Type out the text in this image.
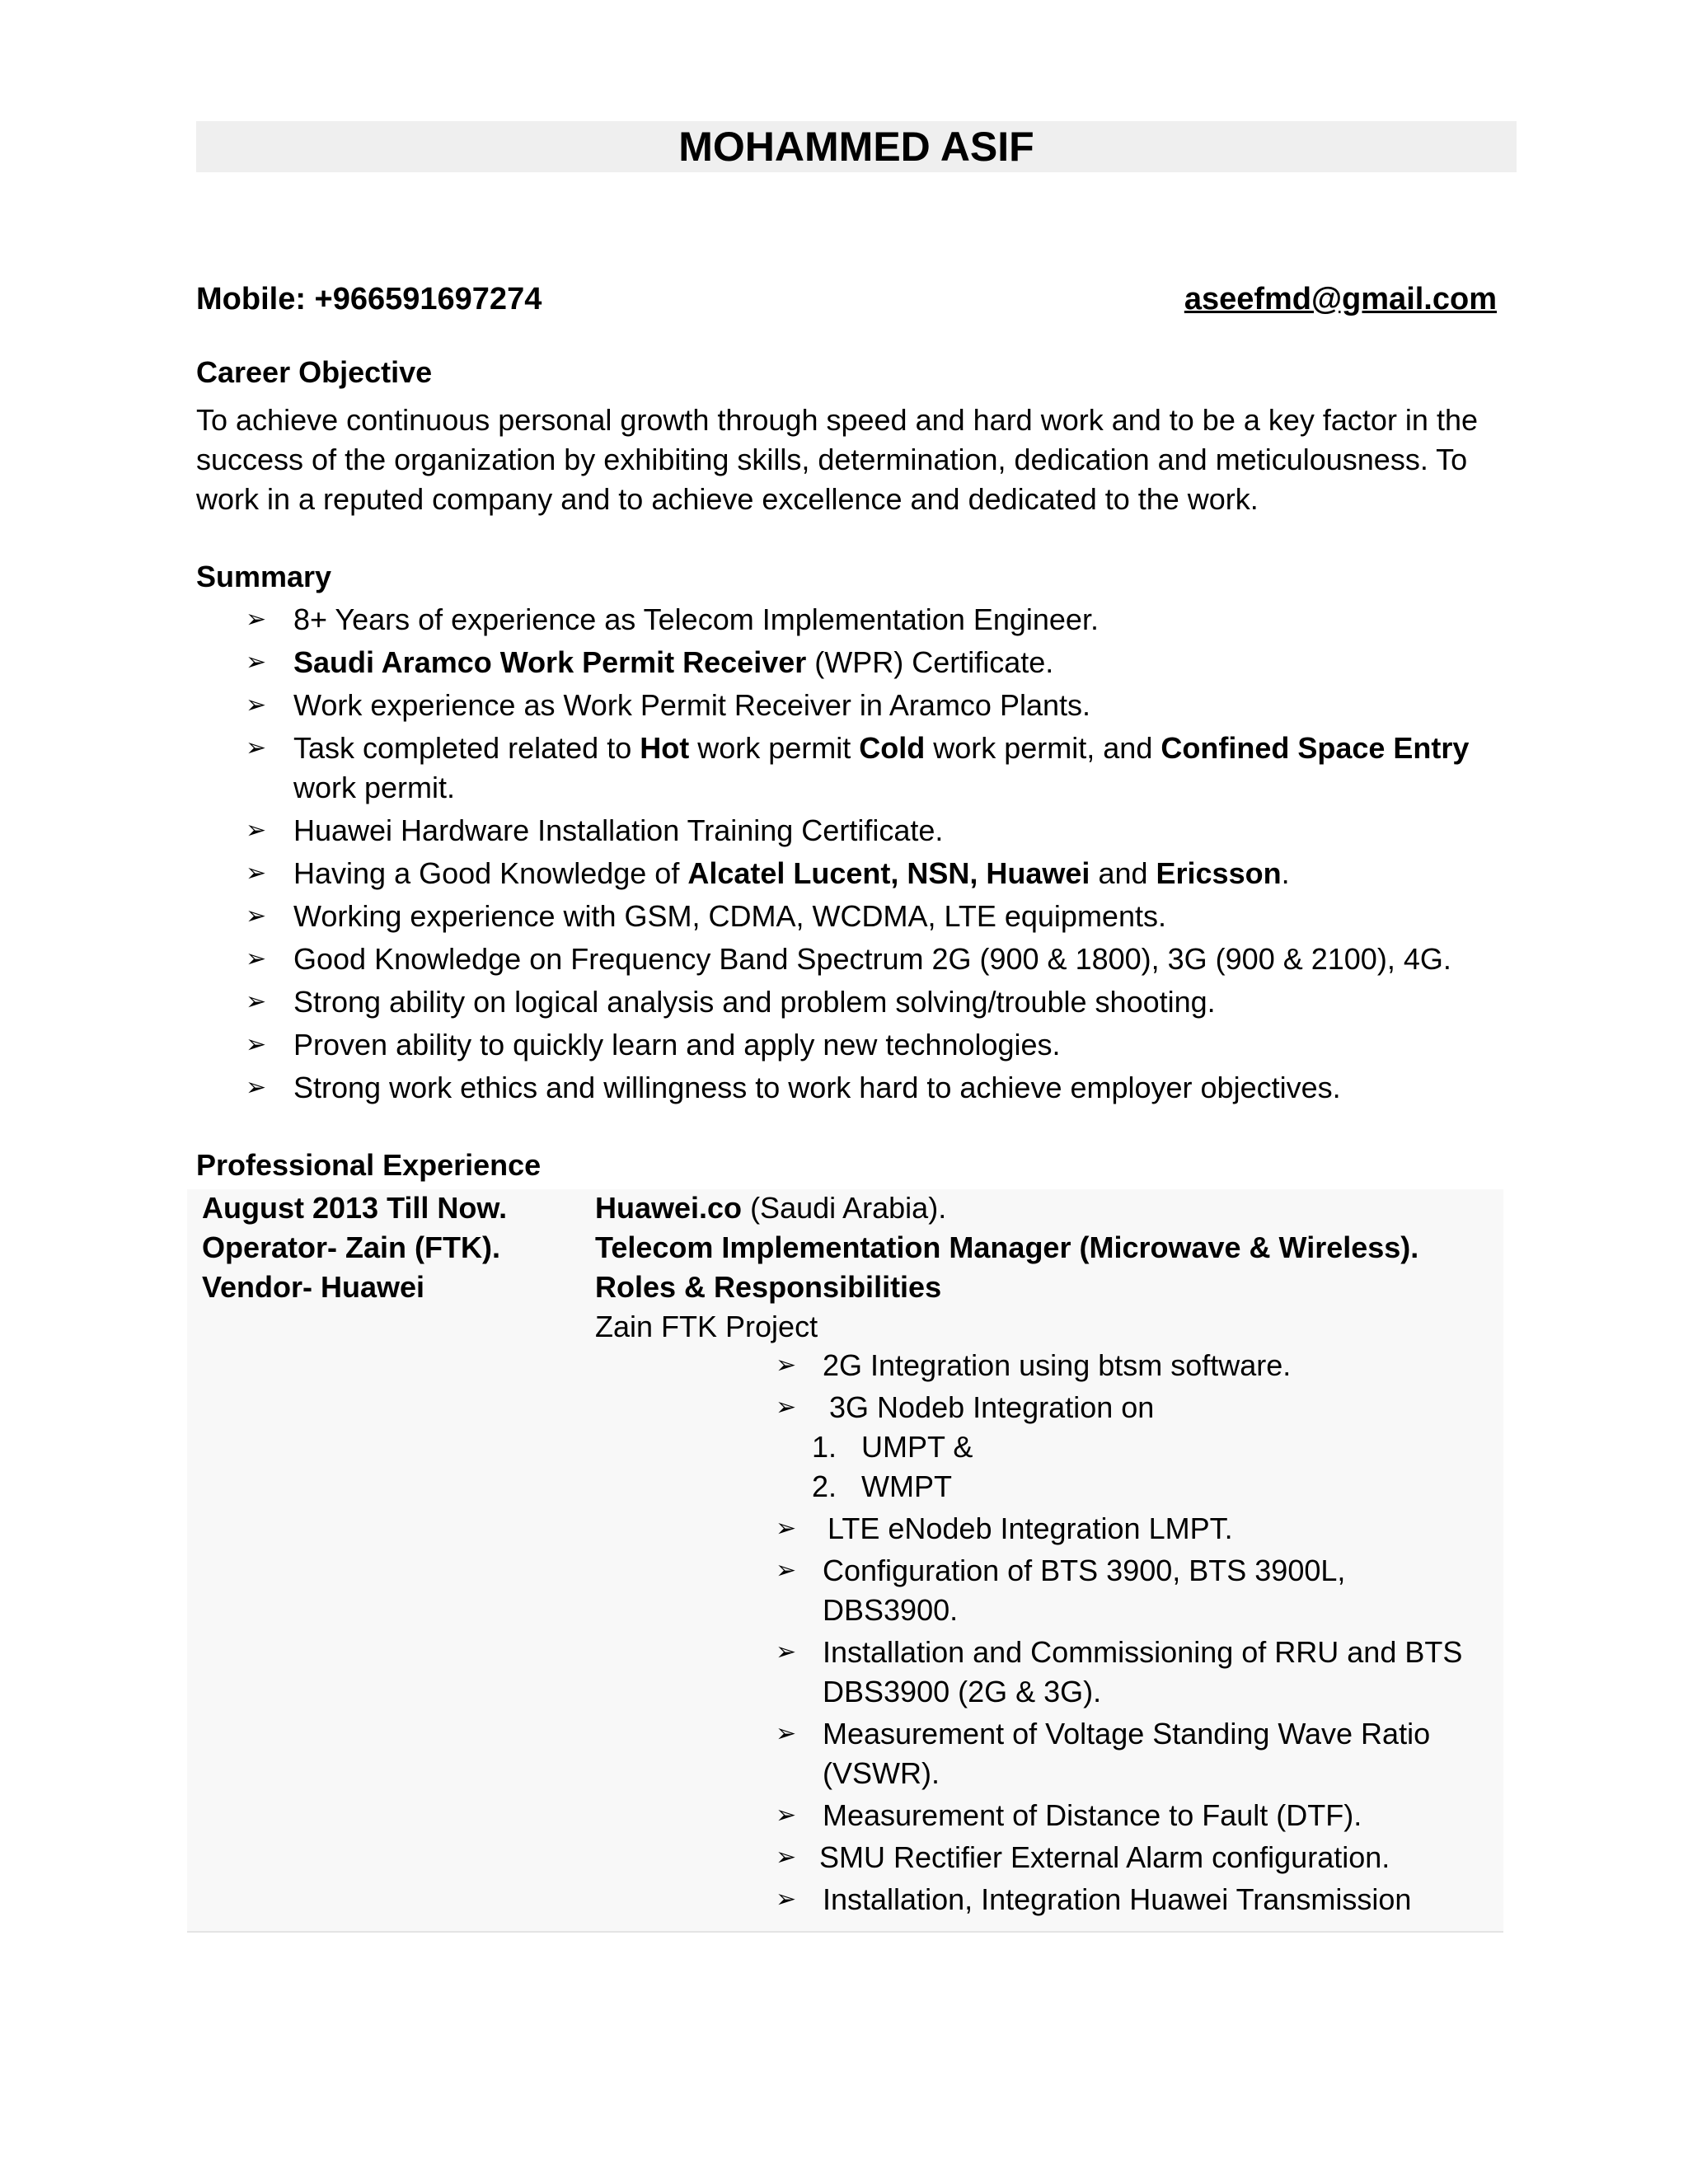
MOHAMMED ASIF
Mobile: +966591697274	aseefmd@gmail.com
Career Objective
To achieve continuous personal growth through speed and hard work and to be a key factor in the success of the organization by exhibiting skills, determination, dedication and meticulousness. To work in a reputed company and to achieve excellence and dedicated to the work.
Summary
➢ 8+ Years of experience as Telecom Implementation Engineer.
➢ Saudi Aramco Work Permit Receiver (WPR) Certificate.
➢ Work experience as Work Permit Receiver in Aramco Plants.
➢ Task completed related to Hot work permit Cold work permit, and Confined Space Entry work permit.
➢ Huawei Hardware Installation Training Certificate.
➢ Having a Good Knowledge of Alcatel Lucent, NSN, Huawei and Ericsson.
➢ Working experience with GSM, CDMA, WCDMA, LTE equipments.
➢ Good Knowledge on Frequency Band Spectrum 2G (900 & 1800), 3G (900 & 2100), 4G.
➢ Strong ability on logical analysis and problem solving/trouble shooting.
➢ Proven ability to quickly learn and apply new technologies.
➢ Strong work ethics and willingness to work hard to achieve employer objectives.
Professional Experience
August 2013 Till Now.
Operator- Zain (FTK).
Vendor- Huawei
Huawei.co (Saudi Arabia).
Telecom Implementation Manager (Microwave & Wireless).
Roles & Responsibilities
Zain FTK Project
➢ 2G Integration using btsm software.
➢ 3G Nodeb Integration on
1. UMPT &
2. WMPT
➢ LTE eNodeb Integration LMPT.
➢ Configuration of BTS 3900, BTS 3900L, DBS3900.
➢ Installation and Commissioning of RRU and BTS DBS3900 (2G & 3G).
➢ Measurement of Voltage Standing Wave Ratio (VSWR).
➢ Measurement of Distance to Fault (DTF).
➢ SMU Rectifier External Alarm configuration.
➢ Installation, Integration Huawei Transmission
